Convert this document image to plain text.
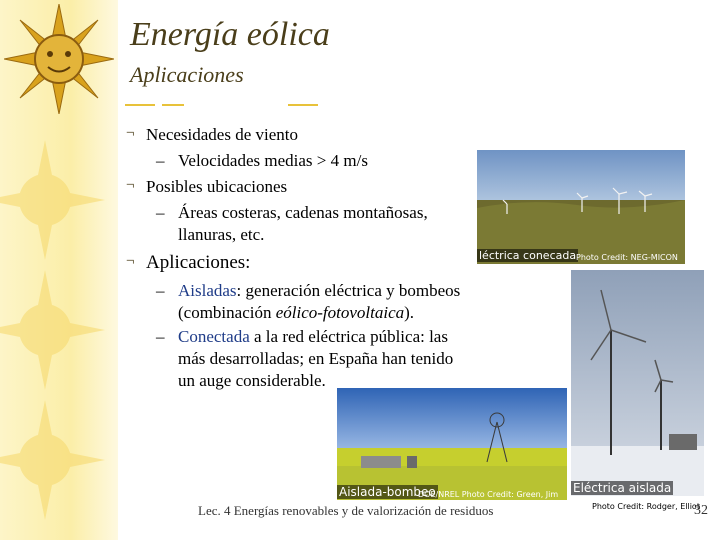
Energía eólica
Aplicaciones
¬ Necesidades de viento
– Velocidades medias > 4 m/s
¬ Posibles ubicaciones
– Áreas costeras, cadenas montañosas,
llanuras, etc.
¬ Aplicaciones:
– Aisladas: generación eléctrica y bombeos
(combinación eólico-fotovoltaica).
– Conectada a la red eléctrica pública: las
más desarrolladas; en España han tenido
un auge considerable.
léctrica conecada Photo Credit: NEG-MICON
Eléctrica aislada
Photo Credit: Rodger, Elliot
Aislada-bombeo
DOE/NREL Photo Credit: Green, Jim
Lec. 4 Energías renovables y de valorización de residuos	32
